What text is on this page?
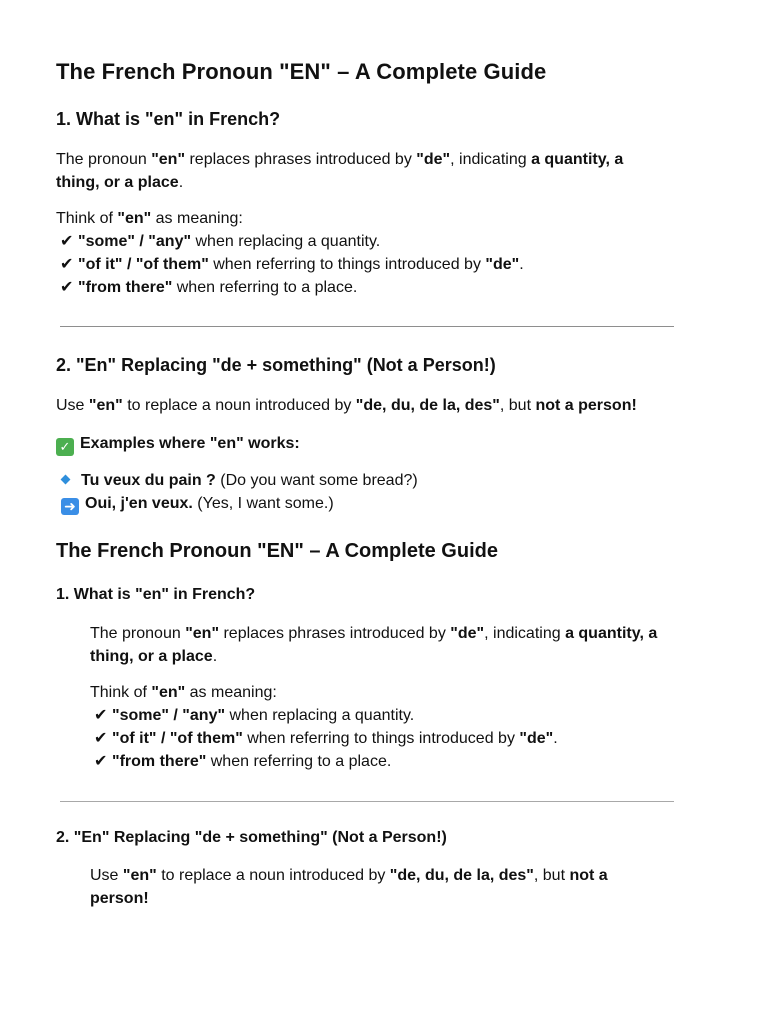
The French Pronoun "EN" – A Complete Guide
1. What is "en" in French?

The pronoun "en" replaces phrases introduced by "de", indicating a quantity, a
thing, or a place.

Think of "en" as meaning:
✔ "some" / "any" when replacing a quantity.
✔ "of it" / "of them" when referring to things introduced by "de".
✔ "from there" when referring to a place.
2. "En" Replacing "de + something" (Not a Person!)

Use "en" to replace a noun introduced by "de, du, de la, des", but not a person!

✓ Examples where "en" works:
Tu veux du pain ? (Do you want some bread?)
➜ Oui, j'en veux. (Yes, I want some.)
The French Pronoun "EN" – A Complete Guide
1. What is "en" in French?

The pronoun "en" replaces phrases introduced by "de", indicating a quantity, a
thing, or a place.

Think of "en" as meaning:
✔ "some" / "any" when replacing a quantity.
✔ "of it" / "of them" when referring to things introduced by "de".
✔ "from there" when referring to a place.
2. "En" Replacing "de + something" (Not a Person!)

Use "en" to replace a noun introduced by "de, du, de la, des", but not a
person!
